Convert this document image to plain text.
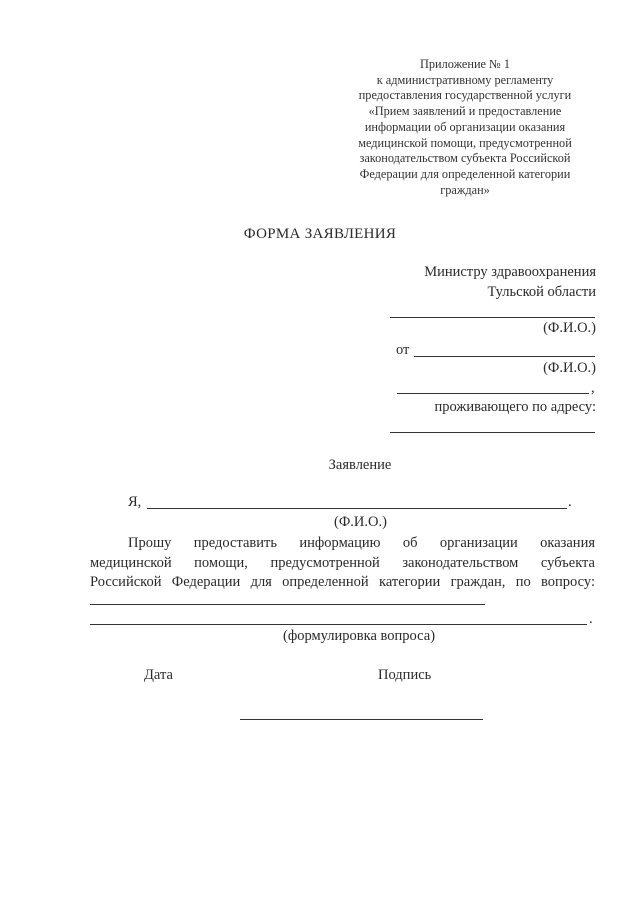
Приложение № 1
к административному регламенту
предоставления государственной услуги
«Прием заявлений и предоставление
информации об организации оказания
медицинской помощи, предусмотренной
законодательством субъекта Российской
Федерации для определенной категории
граждан»
ФОРМА ЗАЯВЛЕНИЯ
Министру здравоохранения
Тульской области
(Ф.И.О.)
от
(Ф.И.О.)
,
проживающего по адресу:
Заявление
Я,	.
(Ф.И.О.)
Прошу предоставить информацию об организации оказания
медицинской помощи, предусмотренной законодательством субъекта
Российской Федерации для определенной категории граждан, по вопросу:
.
(формулировка вопроса)
Дата	Подпись
